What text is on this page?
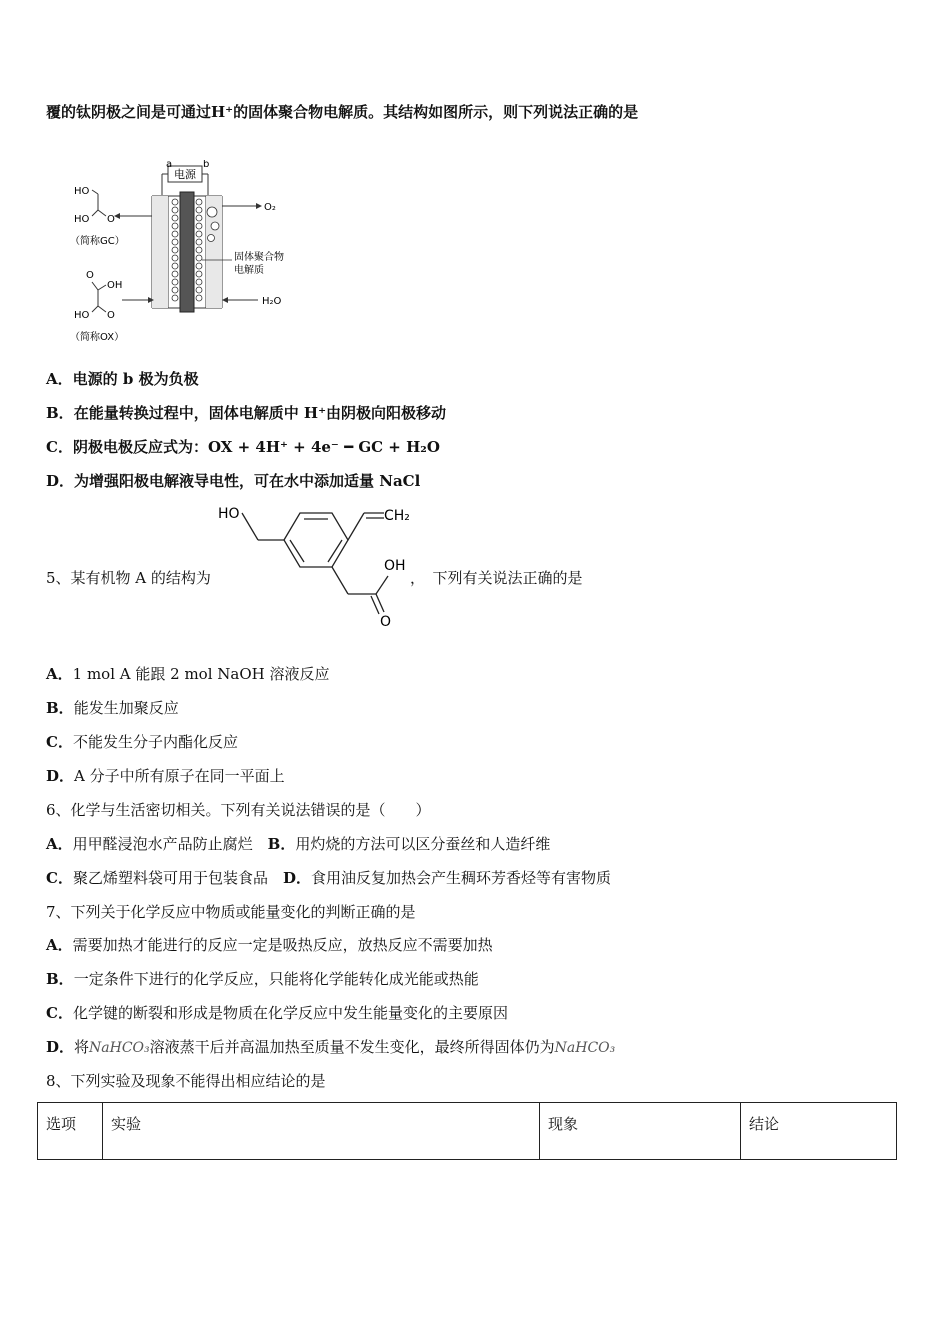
覆的钛阴极之间是可通过H⁺的固体聚合物电解质。其结构如图所示，则下列说法正确的是
电源
a	b
O₂
H₂O
固体聚合物
电解质
HO
HO O
（简称GC）
OH
O
HO O
（简称OX）
A．电源的 b 极为负极
B．在能量转换过程中，固体电解质中 H⁺由阴极向阳极移动
C．阴极电极反应式为：OX + 4H⁺ + 4e⁻ ━ GC + H₂O
D．为增强阳极电解液导电性，可在水中添加适量 NaCl
5、某有机物 A 的结构为
HO	CH₂
OH
O
，　下列有关说法正确的是
A．1 mol A 能跟 2 mol NaOH 溶液反应
B．能发生加聚反应
C．不能发生分子内酯化反应
D．A 分子中所有原子在同一平面上
6、化学与生活密切相关。下列有关说法错误的是（　　）
A．用甲醛浸泡水产品防止腐烂　 B．用灼烧的方法可以区分蚕丝和人造纤维
C．聚乙烯塑料袋可用于包装食品　 D．食用油反复加热会产生稠环芳香烃等有害物质
7、下列关于化学反应中物质或能量变化的判断正确的是
A．需要加热才能进行的反应一定是吸热反应，放热反应不需要加热
B．一定条件下进行的化学反应，只能将化学能转化成光能或热能
C．化学键的断裂和形成是物质在化学反应中发生能量变化的主要原因
D．将NaHCO₃溶液蒸干后并高温加热至质量不发生变化，最终所得固体仍为NaHCO₃
8、下列实验及现象不能得出相应结论的是
选项	实验	现象	结论
